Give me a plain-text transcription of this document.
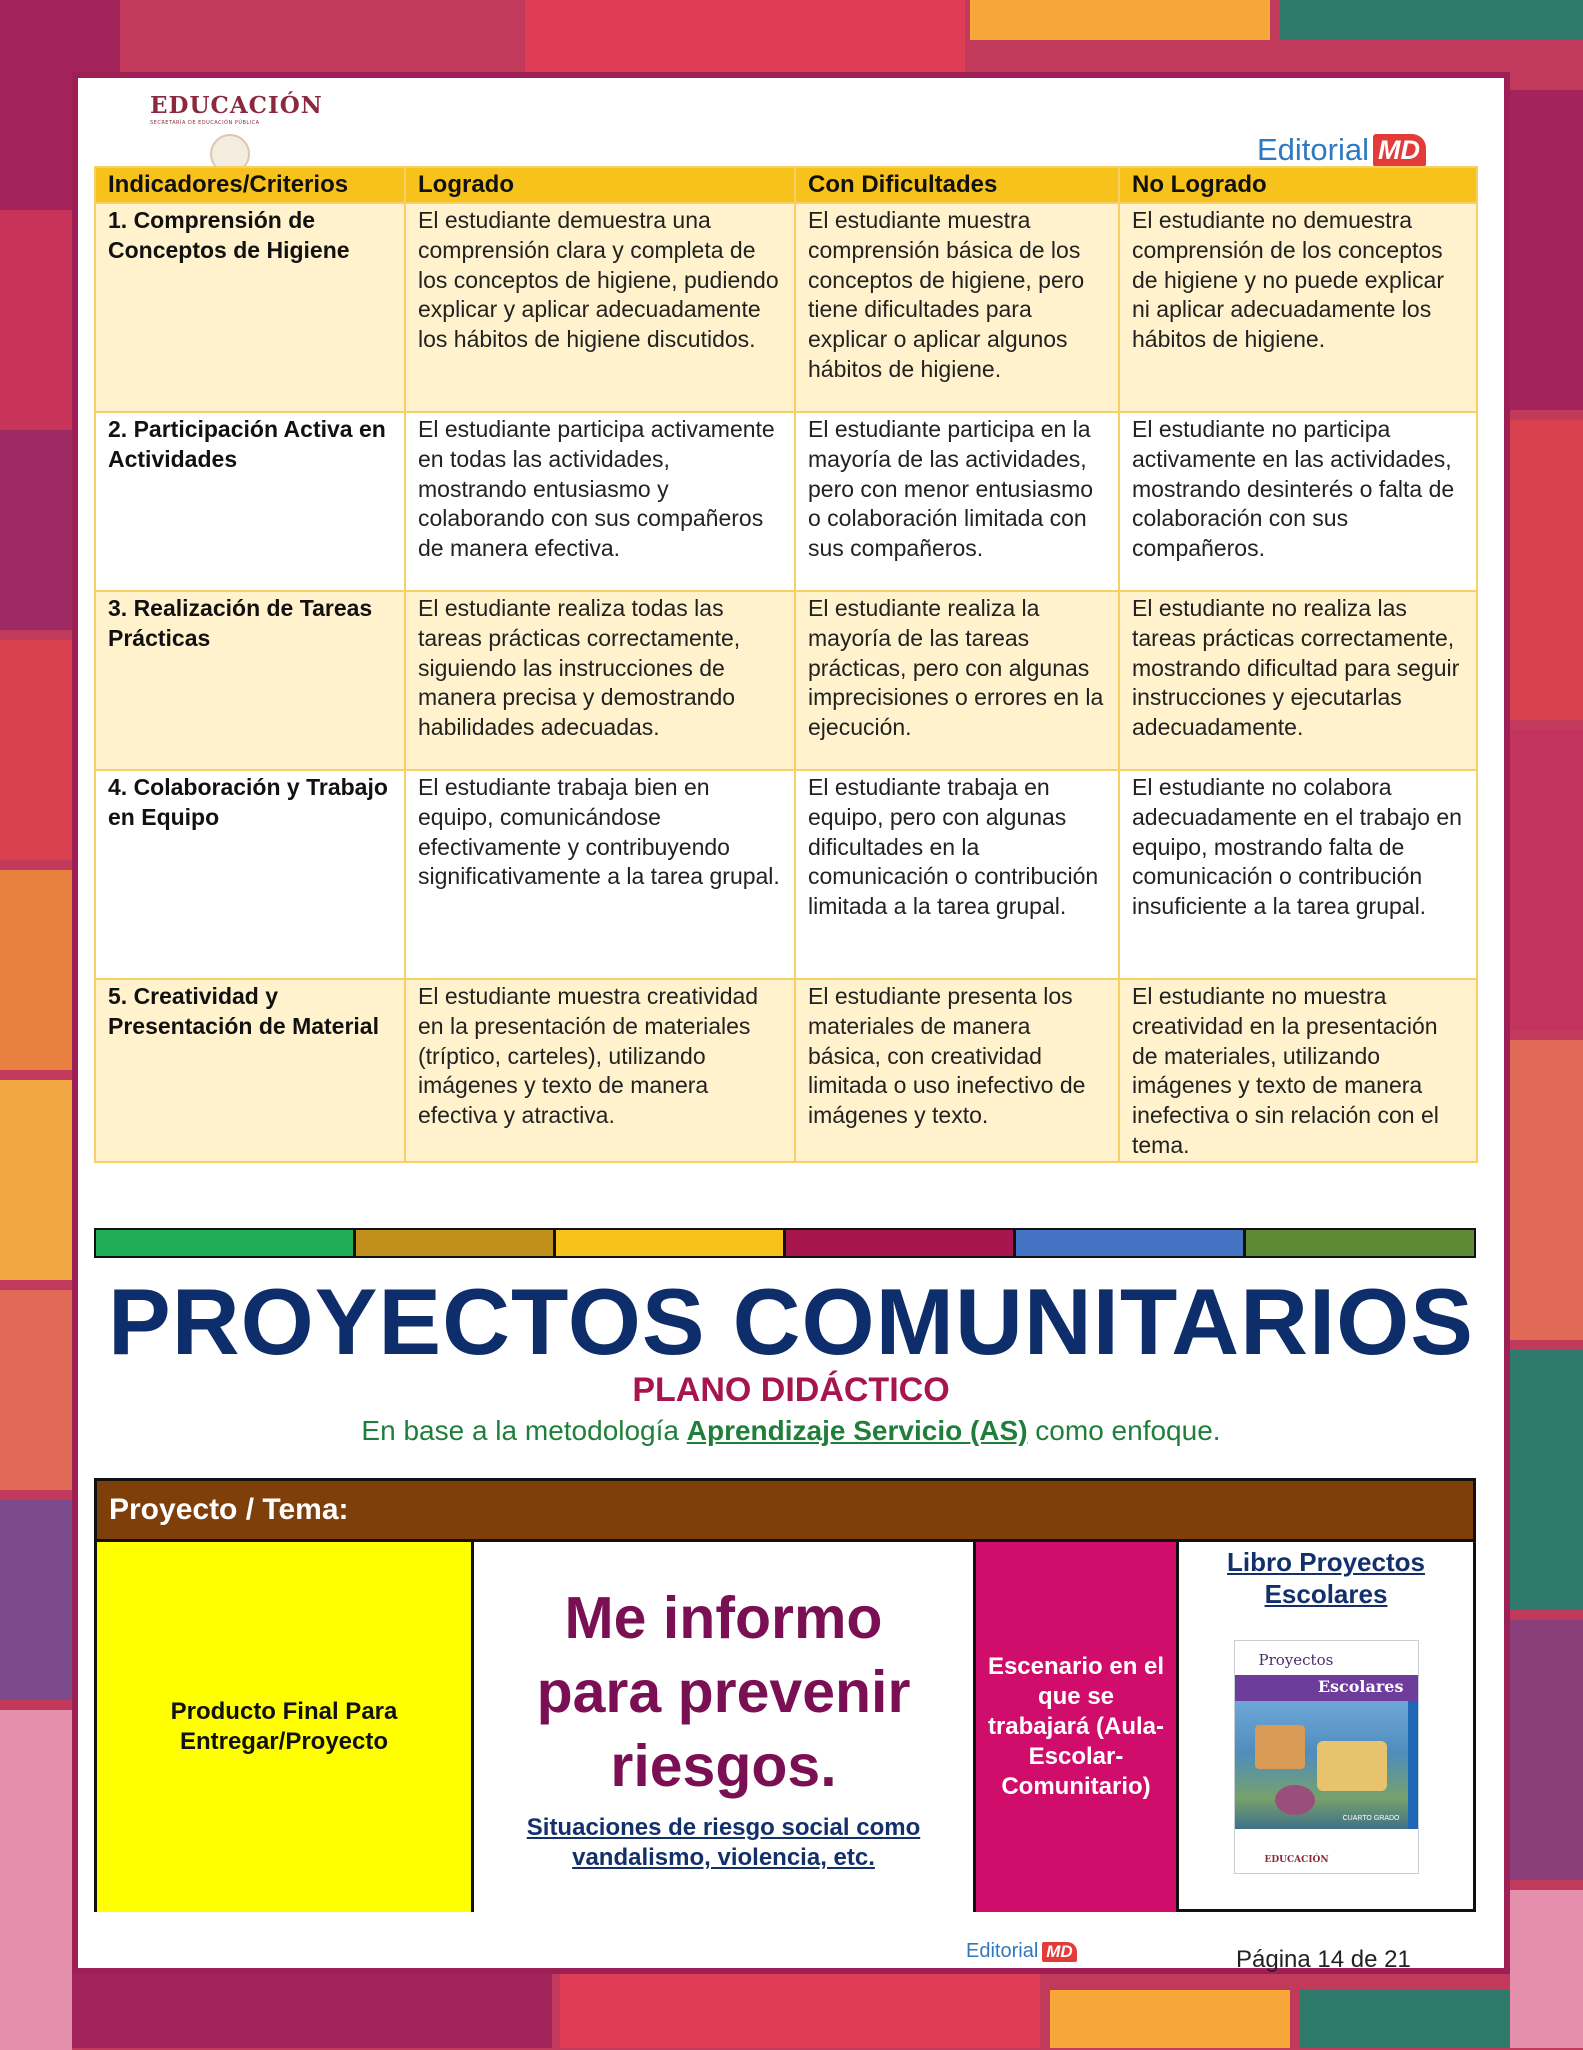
EDUCACIÓN
SECRETARÍA DE EDUCACIÓN PÚBLICA
Editorial MD
Indicadores/Criterios	Logrado	Con Dificultades	No Logrado
1. Comprensión de Conceptos de Higiene	El estudiante demuestra una comprensión clara y completa de los conceptos de higiene, pudiendo explicar y aplicar adecuadamente los hábitos de higiene discutidos.	El estudiante muestra comprensión básica de los conceptos de higiene, pero tiene dificultades para explicar o aplicar algunos hábitos de higiene.	El estudiante no demuestra comprensión de los conceptos de higiene y no puede explicar ni aplicar adecuadamente los hábitos de higiene.
2. Participación Activa en Actividades	El estudiante participa activamente en todas las actividades, mostrando entusiasmo y colaborando con sus compañeros de manera efectiva.	El estudiante participa en la mayoría de las actividades, pero con menor entusiasmo o colaboración limitada con sus compañeros.	El estudiante no participa activamente en las actividades, mostrando desinterés o falta de colaboración con sus compañeros.
3. Realización de Tareas Prácticas	El estudiante realiza todas las tareas prácticas correctamente, siguiendo las instrucciones de manera precisa y demostrando habilidades adecuadas.	El estudiante realiza la mayoría de las tareas prácticas, pero con algunas imprecisiones o errores en la ejecución.	El estudiante no realiza las tareas prácticas correctamente, mostrando dificultad para seguir instrucciones y ejecutarlas adecuadamente.
4. Colaboración y Trabajo en Equipo	El estudiante trabaja bien en equipo, comunicándose efectivamente y contribuyendo significativamente a la tarea grupal.	El estudiante trabaja en equipo, pero con algunas dificultades en la comunicación o contribución limitada a la tarea grupal.	El estudiante no colabora adecuadamente en el trabajo en equipo, mostrando falta de comunicación o contribución insuficiente a la tarea grupal.
5. Creatividad y Presentación de Material	El estudiante muestra creatividad en la presentación de materiales (tríptico, carteles), utilizando imágenes y texto de manera efectiva y atractiva.	El estudiante presenta los materiales de manera básica, con creatividad limitada o uso inefectivo de imágenes y texto.	El estudiante no muestra creatividad en la presentación de materiales, utilizando imágenes y texto de manera inefectiva o sin relación con el tema.
PROYECTOS COMUNITARIOS
PLANO DIDÁCTICO
En base a la metodología Aprendizaje Servicio (AS) como enfoque.
Proyecto / Tema:
Producto Final Para Entregar/Proyecto
Me informo para prevenir riesgos.
Situaciones de riesgo social como vandalismo, violencia, etc.
Escenario en el que se trabajará (Aula-Escolar-Comunitario)
Libro Proyectos Escolares
Proyectos
Escolares
CUARTO GRADO
EDUCACIÓN
Editorial MD	Página 14 de 21
